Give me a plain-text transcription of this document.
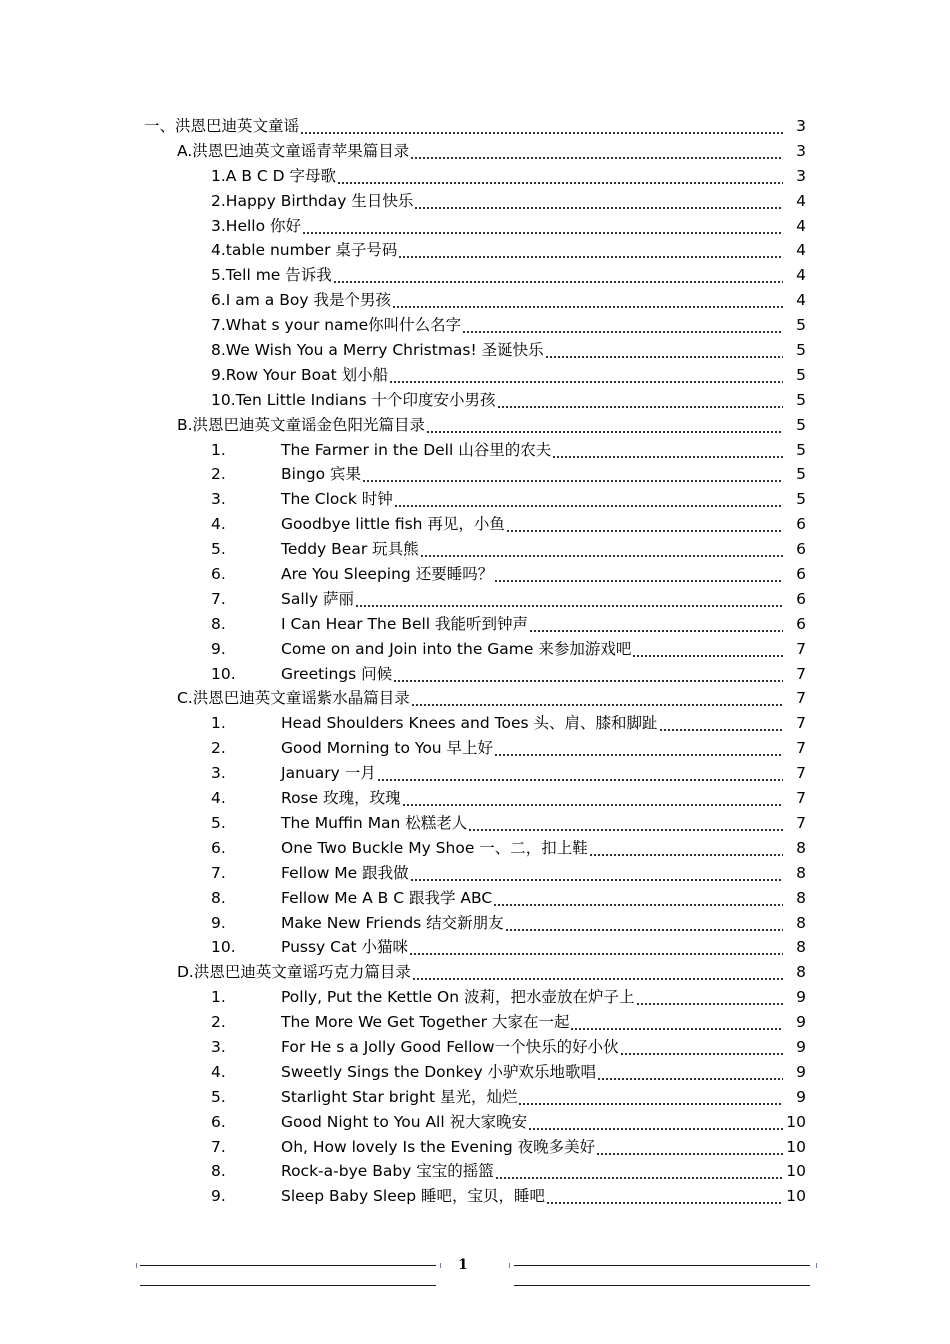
一、洪恩巴迪英文童谣	3
A.洪恩巴迪英文童谣青苹果篇目录	3
1.A B C D 字母歌	3
2.Happy Birthday 生日快乐	4
3.Hello 你好	4
4.table number 桌子号码	4
5.Tell me 告诉我	4
6.I am a Boy 我是个男孩	4
7.What s your name你叫什么名字	5
8.We Wish You a Merry Christmas! 圣诞快乐	5
9.Row Your Boat 划小船	5
10.Ten Little Indians 十个印度安小男孩	5
B.洪恩巴迪英文童谣金色阳光篇目录	5
1.	The Farmer in the Dell 山谷里的农夫	5
2.	Bingo 宾果	5
3.	The Clock 时钟	5
4.	Goodbye little fish 再见，小鱼	6
5.	Teddy Bear 玩具熊	6
6.	Are You Sleeping 还要睡吗？	6
7.	Sally 萨丽	6
8.	I Can Hear The Bell 我能听到钟声	6
9.	Come on and Join into the Game 来参加游戏吧	7
10.	Greetings 问候	7
C.洪恩巴迪英文童谣紫水晶篇目录	7
1.	Head Shoulders Knees and Toes 头、肩、膝和脚趾	7
2.	Good Morning to You 早上好	7
3.	January 一月	7
4.	Rose 玫瑰，玫瑰	7
5.	The Muffin Man 松糕老人	7
6.	One Two Buckle My Shoe 一、二，扣上鞋	8
7.	Fellow Me 跟我做	8
8.	Fellow Me A B C 跟我学 ABC	8
9.	Make New Friends 结交新朋友	8
10.	Pussy Cat 小猫咪	8
D.洪恩巴迪英文童谣巧克力篇目录	8
1.	Polly, Put the Kettle On 波莉，把水壶放在炉子上	9
2.	The More We Get Together 大家在一起	9
3.	For He s a Jolly Good Fellow一个快乐的好小伙	9
4.	Sweetly Sings the Donkey 小驴欢乐地歌唱	9
5.	Starlight Star bright 星光，灿烂	9
6.	Good Night to You All 祝大家晚安	10
7.	Oh, How lovely Is the Evening 夜晚多美好	10
8.	Rock-a-bye Baby 宝宝的摇篮	10
9.	Sleep Baby Sleep 睡吧，宝贝，睡吧	10
1
